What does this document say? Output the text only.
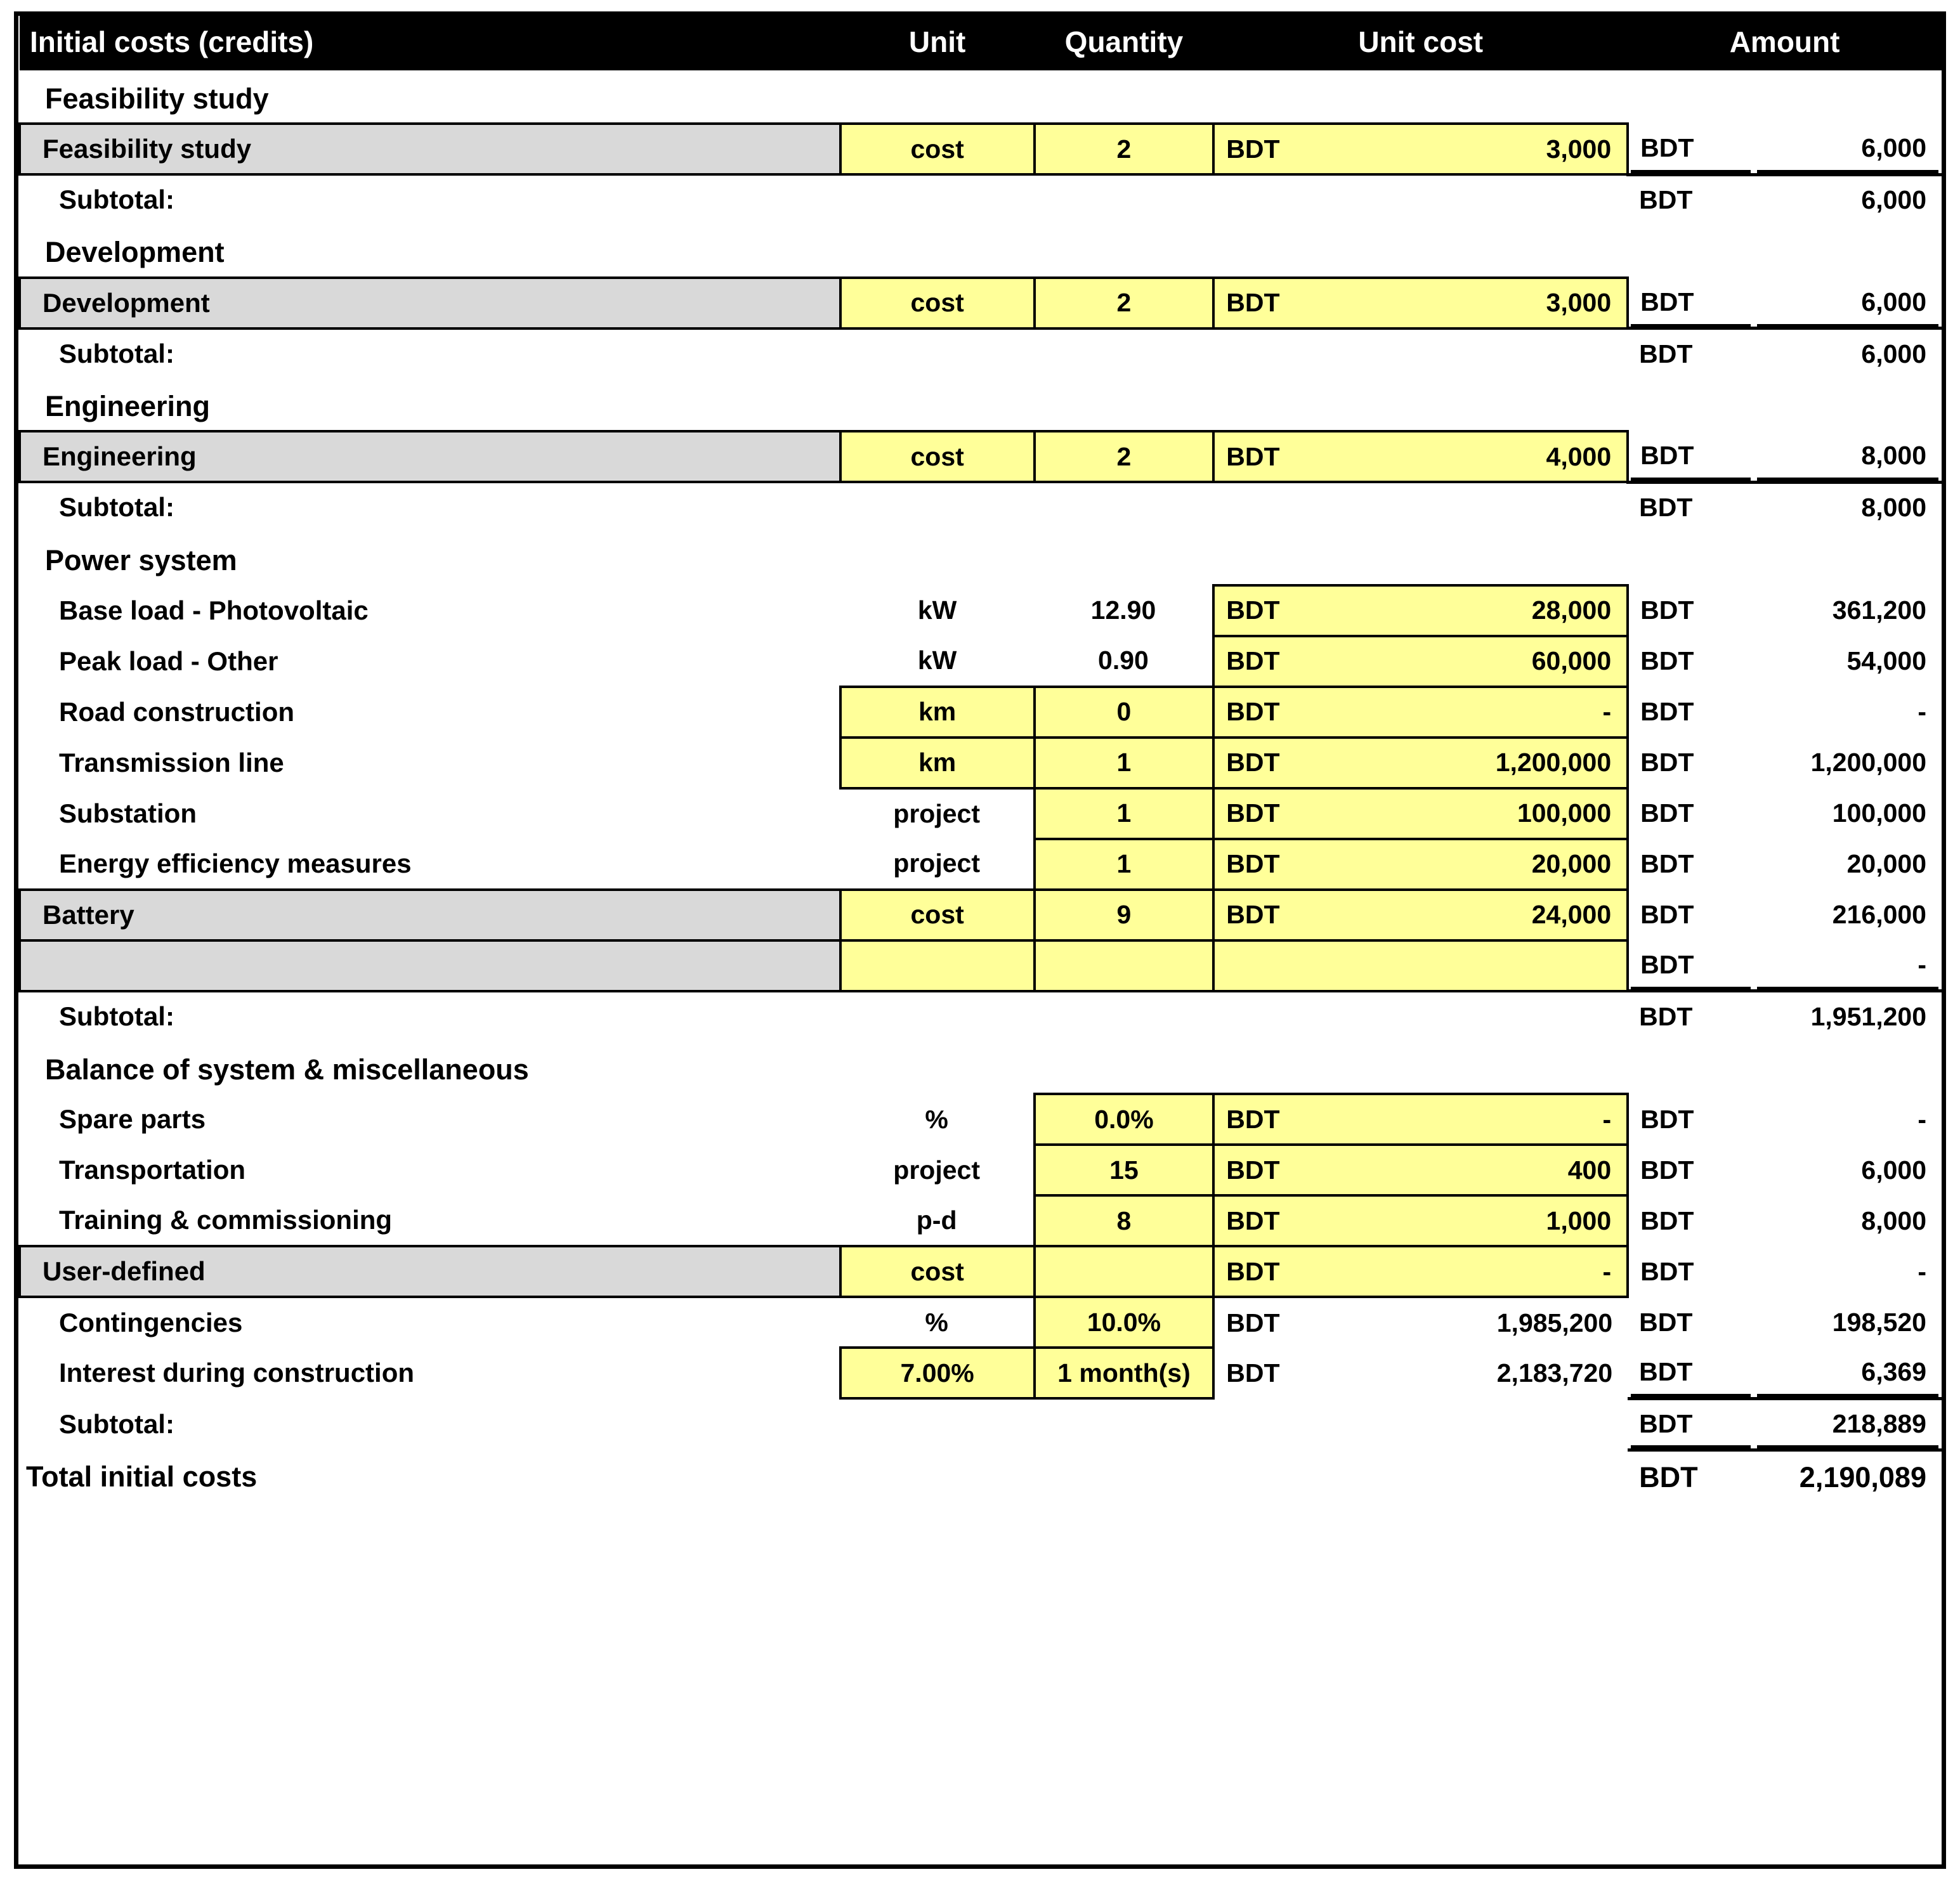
Initial costs (credits)	Unit	Quantity	Unit cost		Amount	
Feasibility study						
Feasibility study	cost	2	BDT	3,000	BDT	6,000
Subtotal:					BDT	6,000
Development						
Development	cost	2	BDT	3,000	BDT	6,000
Subtotal:					BDT	6,000
Engineering						
Engineering	cost	2	BDT	4,000	BDT	8,000
Subtotal:					BDT	8,000
Power system						
Base load - Photovoltaic	kW	12.90	BDT	28,000	BDT	361,200
Peak load - Other	kW	0.90	BDT	60,000	BDT	54,000
Road construction	km	0	BDT	-	BDT	-
Transmission line	km	1	BDT	1,200,000	BDT	1,200,000
Substation	project	1	BDT	100,000	BDT	100,000
Energy efficiency measures	project	1	BDT	20,000	BDT	20,000
Battery	cost	9	BDT	24,000	BDT	216,000
					BDT	-
Subtotal:					BDT	1,951,200
Balance of system & miscellaneous						
Spare parts	%	0.0%	BDT	-	BDT	-
Transportation	project	15	BDT	400	BDT	6,000
Training & commissioning	p-d	8	BDT	1,000	BDT	8,000
User-defined	cost		BDT	-	BDT	-
Contingencies	%	10.0%	BDT	1,985,200	BDT	198,520
Interest during construction	7.00%	1 month(s)	BDT	2,183,720	BDT	6,369
Subtotal:					BDT	218,889
Total initial costs					BDT	2,190,089
